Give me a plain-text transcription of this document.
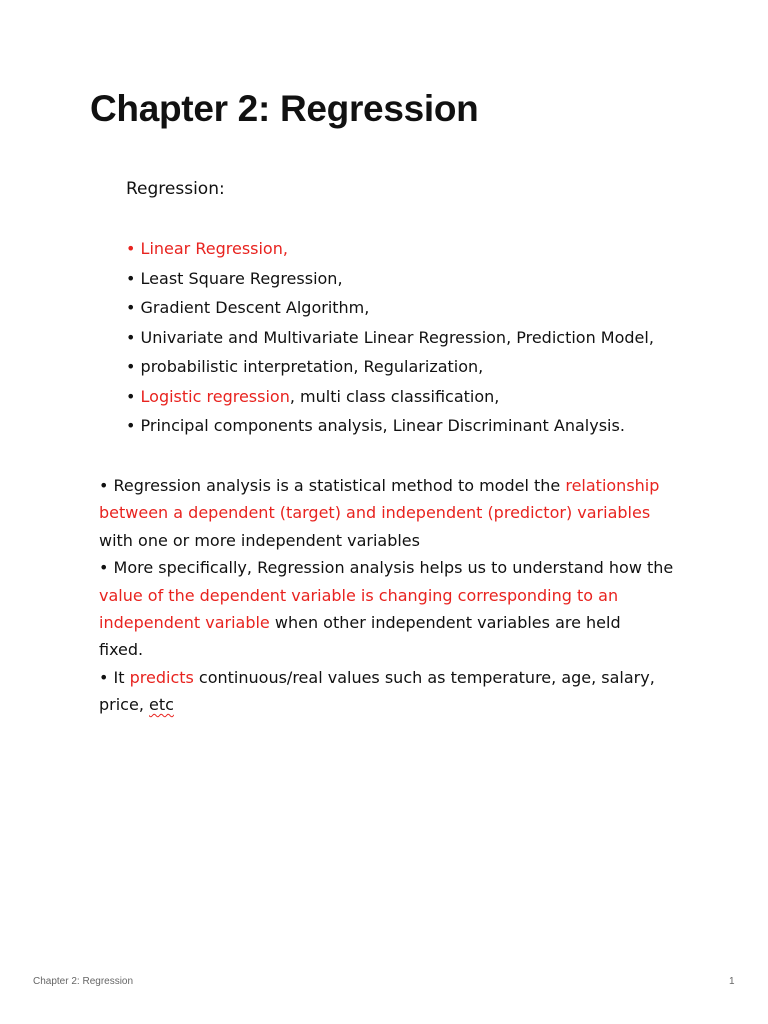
Chapter 2: Regression
Regression:
• Linear Regression,
• Least Square Regression,
• Gradient Descent Algorithm,
• Univariate and Multivariate Linear Regression, Prediction Model,
• probabilistic interpretation, Regularization,
• Logistic regression, multi class classification,
• Principal components analysis, Linear Discriminant Analysis.
• Regression analysis is a statistical method to model the relationship
between a dependent (target) and independent (predictor) variables
with one or more independent variables
• More specifically, Regression analysis helps us to understand how the
value of the dependent variable is changing corresponding to an
independent variable when other independent variables are held
fixed.
• It predicts continuous/real values such as temperature, age, salary,
price, etc
Chapter 2: Regression	1
